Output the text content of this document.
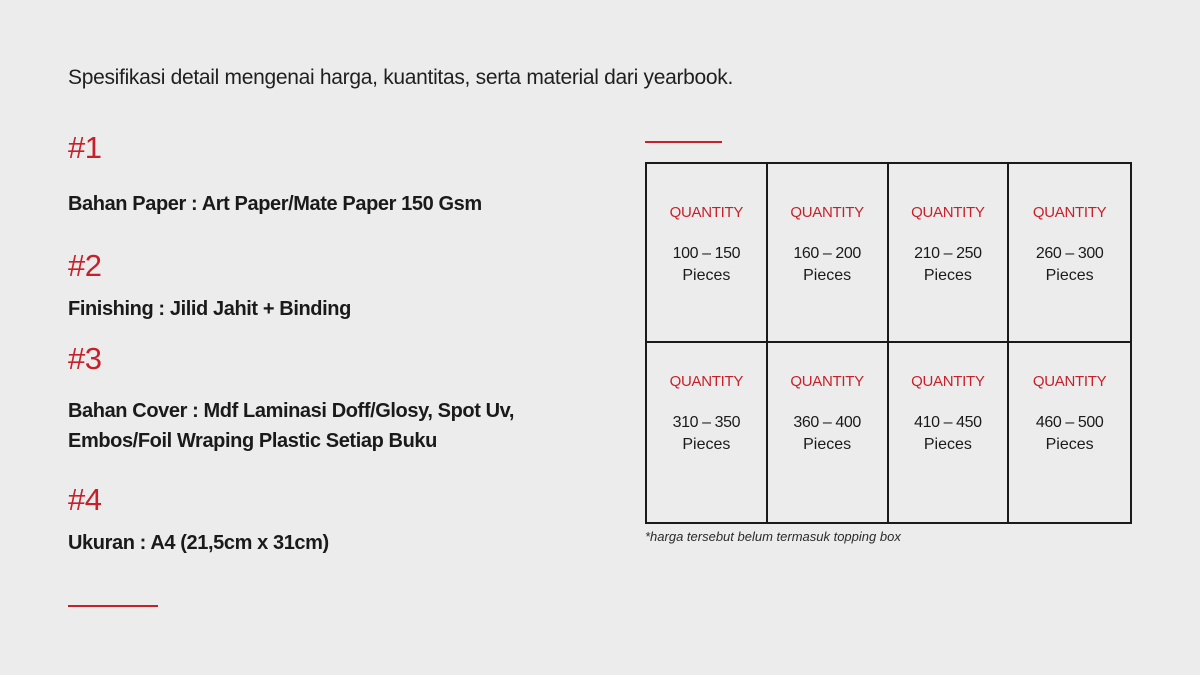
Spesifikasi detail mengenai harga, kuantitas, serta material dari yearbook.
#1
Bahan Paper : Art Paper/Mate Paper 150 Gsm
#2
Finishing : Jilid Jahit + Binding
#3
Bahan Cover : Mdf Laminasi Doff/Glosy, Spot Uv,
Embos/Foil Wraping Plastic Setiap Buku
#4
Ukuran : A4 (21,5cm x 31cm)
QUANTITY
100 – 150
Pieces
QUANTITY
160 – 200
Pieces
QUANTITY
210 – 250
Pieces
QUANTITY
260 – 300
Pieces
QUANTITY
310 – 350
Pieces
QUANTITY
360 – 400
Pieces
QUANTITY
410 – 450
Pieces
QUANTITY
460 – 500
Pieces
*harga tersebut belum termasuk topping box
